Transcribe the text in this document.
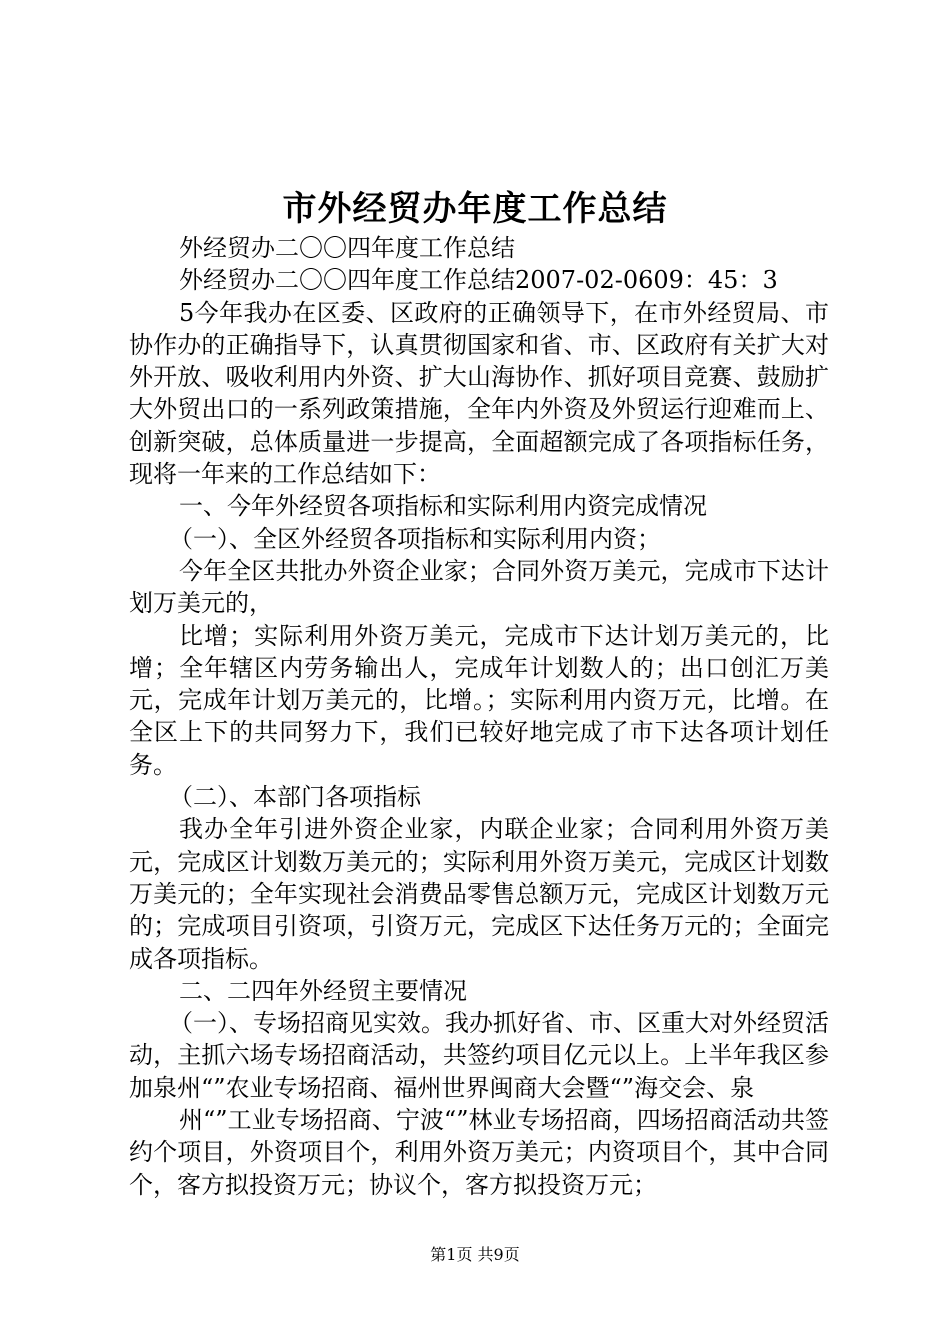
市外经贸办年度工作总结

外经贸办二〇〇四年度工作总结

外经贸办二〇〇四年度工作总结2007-02-0609：45：3

5今年我办在区委、区政府的正确领导下，在市外经贸局、市协作办的正确指导下，认真贯彻国家和省、市、区政府有关扩大对外开放、吸收利用内外资、扩大山海协作、抓好项目竞赛、鼓励扩大外贸出口的一系列政策措施，全年内外资及外贸运行迎难而上、创新突破，总体质量进一步提高，全面超额完成了各项指标任务，现将一年来的工作总结如下：

一、今年外经贸各项指标和实际利用内资完成情况

（一）、全区外经贸各项指标和实际利用内资；

今年全区共批办外资企业家；合同外资万美元，完成市下达计划万美元的，

比增；实际利用外资万美元，完成市下达计划万美元的，比增；全年辖区内劳务输出人，完成年计划数人的；出口创汇万美元，完成年计划万美元的，比增。；实际利用内资万元，比增。在全区上下的共同努力下，我们已较好地完成了市下达各项计划任务。

（二）、本部门各项指标

我办全年引进外资企业家，内联企业家；合同利用外资万美元，完成区计划数万美元的；实际利用外资万美元，完成区计划数万美元的；全年实现社会消费品零售总额万元，完成区计划数万元的；完成项目引资项，引资万元，完成区下达任务万元的；全面完成各项指标。

二、二四年外经贸主要情况

（一）、专场招商见实效。我办抓好省、市、区重大对外经贸活动，主抓六场专场招商活动，共签约项目亿元以上。上半年我区参加泉州“”农业专场招商、福州世界闽商大会暨“”海交会、泉

州“”工业专场招商、宁波“”林业专场招商，四场招商活动共签约个项目，外资项目个，利用外资万美元；内资项目个，其中合同个，客方拟投资万元；协议个，客方拟投资万元；

第1页 共9页
